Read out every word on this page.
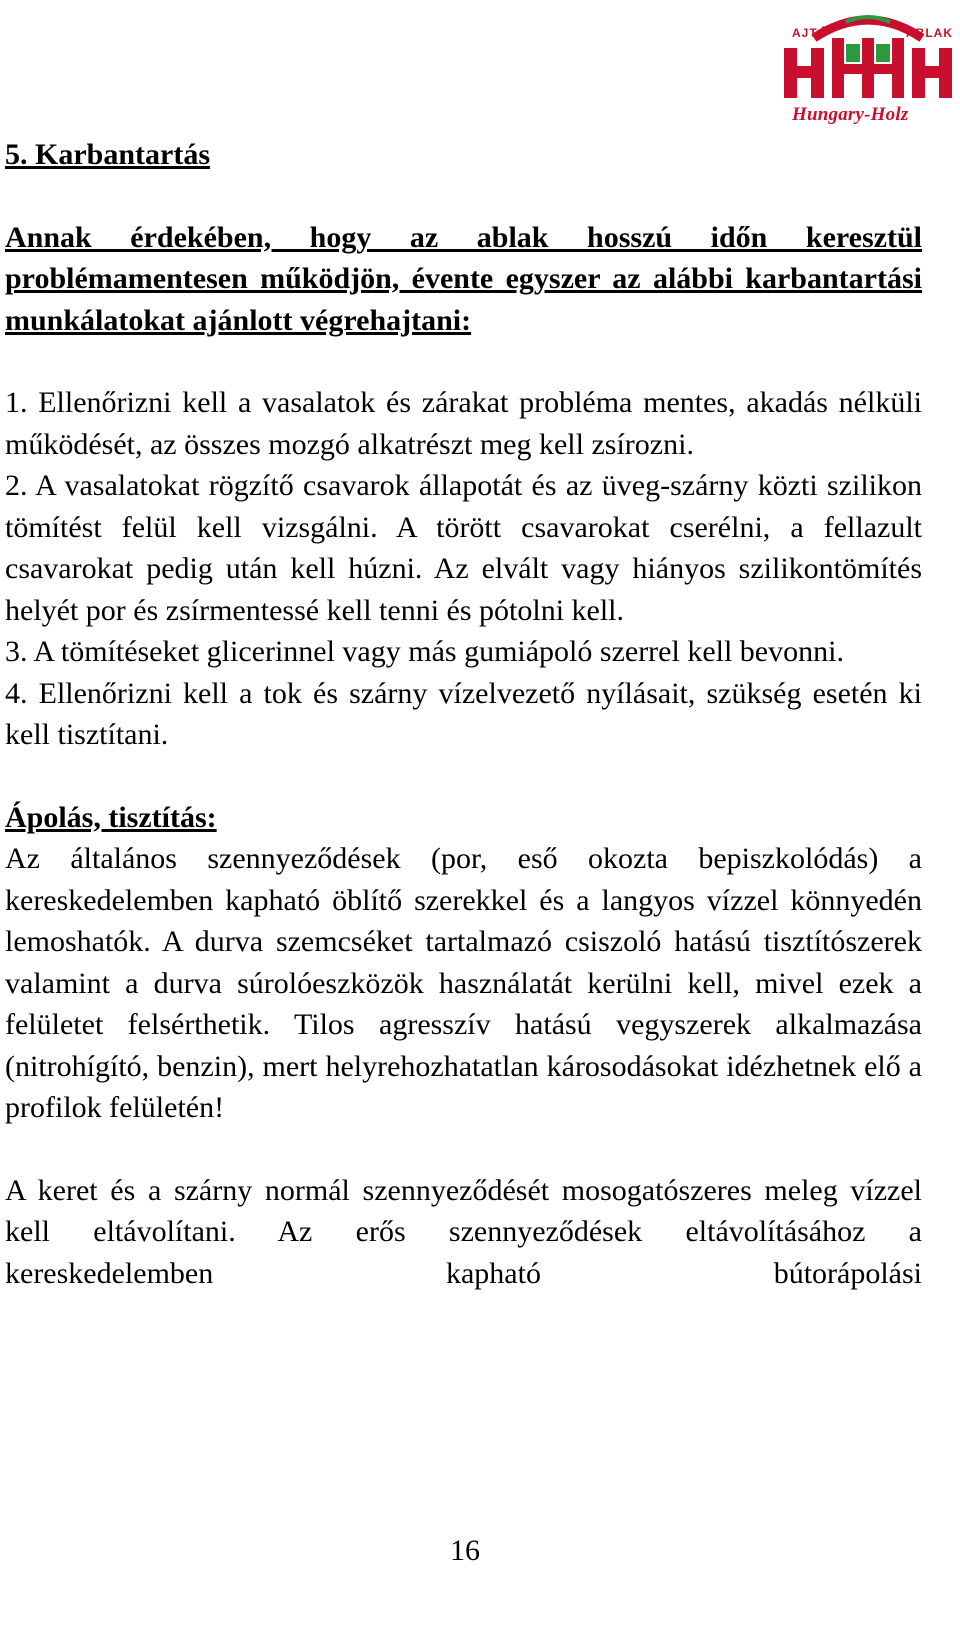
AJTÓ	ABLAK
Hungary-Holz
5. Karbantartás

Annak érdekében, hogy az ablak hosszú időn keresztül problémamentesen működjön, évente egyszer az alábbi karbantartási munkálatokat ajánlott végrehajtani:

1. Ellenőrizni kell a vasalatok és zárakat probléma mentes, akadás nélküli működését, az összes mozgó alkatrészt meg kell zsírozni.
2. A vasalatokat rögzítő csavarok állapotát és az üveg-szárny közti szilikon tömítést felül kell vizsgálni. A törött csavarokat cserélni, a fellazult csavarokat pedig után kell húzni. Az elvált vagy hiányos szilikontömítés helyét por és zsírmentessé kell tenni és pótolni kell.
3. A tömítéseket glicerinnel vagy más gumiápoló szerrel kell bevonni.
4. Ellenőrizni kell a tok és szárny vízelvezető nyílásait, szükség esetén ki kell tisztítani.
Ápolás, tisztítás:

Az általános szennyeződések (por, eső okozta bepiszkolódás) a kereskedelemben kapható öblítő szerekkel és a langyos vízzel könnyedén lemoshatók. A durva szemcséket tartalmazó csiszoló hatású tisztítószerek valamint a durva súrolóeszközök használatát kerülni kell, mivel ezek a felületet felsérthetik. Tilos agresszív hatású vegyszerek alkalmazása (nitrohígító, benzin), mert helyrehozhatatlan károsodásokat idézhetnek elő a profilok felületén!

A keret és a szárny normál szennyeződését mosogatószeres meleg vízzel kell eltávolítani. Az erős szennyeződések eltávolításához a kereskedelemben kapható bútorápolási

16
